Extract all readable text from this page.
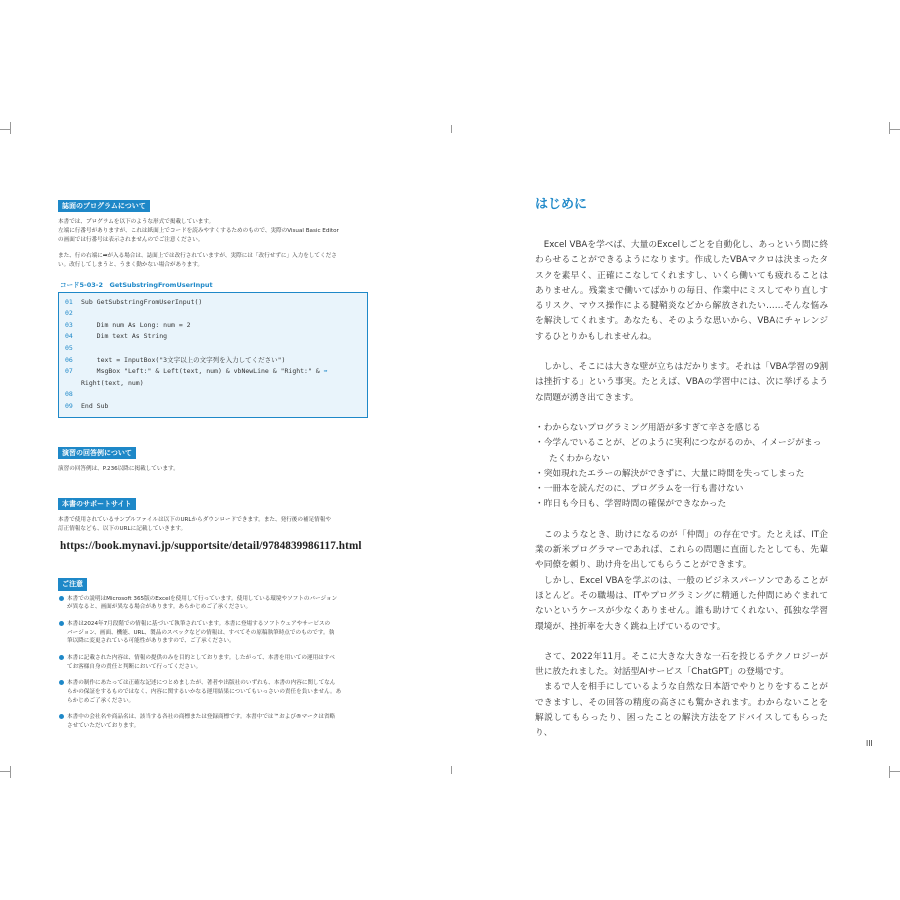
誌面のプログラムについて

本書では、プログラムを以下のような形式で掲載しています。

左端に行番号がありますが、これは紙面上でコードを読みやすくするためのもので、実際のVisual Basic Editor

の画面では行番号は表示されませんのでご注意ください。

また、行の右端に➡が入る場合は、誌面上では改行されていますが、実際には「改行せずに」入力をしてくださ

い。改行してしまうと、うまく動かない場合があります。

コード5-03-2　GetSubstringFromUserInput
01 Sub GetSubstringFromUserInput()
02
03    Dim num As Long: num = 2
04    Dim text As String
05
06    text = InputBox("3文字以上の文字列を入力してください")
07    MsgBox "Left:" & Left(text, num) & vbNewLine & "Right:" & ➡
Right(text, num)
08
09 End Sub
演習の回答例について

演習の回答例は、P.236以降に掲載しています。

本書のサポートサイト

本書で使用されているサンプルファイルは以下のURLからダウンロードできます。また、発行後の補足情報や

訂正情報なども、以下のURLに記載していきます。

https://book.mynavi.jp/supportsite/detail/9784839986117.html
ご注意
本書での説明はMicrosoft 365版のExcelを使用して行っています。使用している環境やソフトのバージョン
が異なると、画面が異なる場合があります。あらかじめご了承ください。
本書は2024年7月段階での情報に基づいて執筆されています。本書に登場するソフトウェアやサービスの
バージョン、画面、機能、URL、製品のスペックなどの情報は、すべてその原稿執筆時点でのものです。執
筆以降に変更されている可能性がありますので、ご了承ください。
本書に記載された内容は、情報の提供のみを目的としております。したがって、本書を用いての運用はすべ
てお客様自身の責任と判断において行ってください。
本書の制作にあたっては正確な記述につとめましたが、著者や出版社のいずれも、本書の内容に関してなん
らかの保証をするものではなく、内容に関するいかなる運用結果についてもいっさいの責任を負いません。あ
らかじめご了承ください。
本書中の会社名や商品名は、該当する各社の商標または登録商標です。本書中では™および®マークは省略
させていただいております。
はじめに

　Excel VBAを学べば、大量のExcelしごとを自動化し、あっという間に終わらせることができるようになります。作成したVBAマクロは決まったタスクを素早く、正確にこなしてくれますし、いくら働いても疲れることはありません。残業まで働いてばかりの毎日、作業中にミスしてやり直しするリスク、マウス操作による腱鞘炎などから解放されたい……そんな悩みを解決してくれます。あなたも、そのような思いから、VBAにチャレンジするひとりかもしれませんね。

　しかし、そこには大きな壁が立ちはだかります。それは「VBA学習の9割は挫折する」という事実。たとえば、VBAの学習中には、次に挙げるような問題が湧き出てきます。

・わからないプログラミング用語が多すぎて辛さを感じる
・今学んでいることが、どのように実利につながるのか、イメージがまったくわからない
・突如現れたエラーの解決ができずに、大量に時間を失ってしまった
・一冊本を読んだのに、プログラムを一行も書けない
・昨日も今日も、学習時間の確保ができなかった

　このようなとき、助けになるのが「仲間」の存在です。たとえば、IT企業の新米プログラマーであれば、これらの問題に直面したとしても、先輩や同僚を頼り、助け舟を出してもらうことができます。

　しかし、Excel VBAを学ぶのは、一般のビジネスパーソンであることがほとんど。その職場は、ITやプログラミングに精通した仲間にめぐまれてないというケースが少なくありません。誰も助けてくれない、孤独な学習環境が、挫折率を大きく跳ね上げているのです。

　さて、2022年11月。そこに大きな大きな一石を投じるテクノロジーが世に放たれました。対話型AIサービス「ChatGPT」の登場です。

　まるで人を相手にしているような自然な日本語でやりとりをすることができますし、その回答の精度の高さにも驚かされます。わからないことを解説してもらったり、困ったことの解決方法をアドバイスしてもらったり、

III
